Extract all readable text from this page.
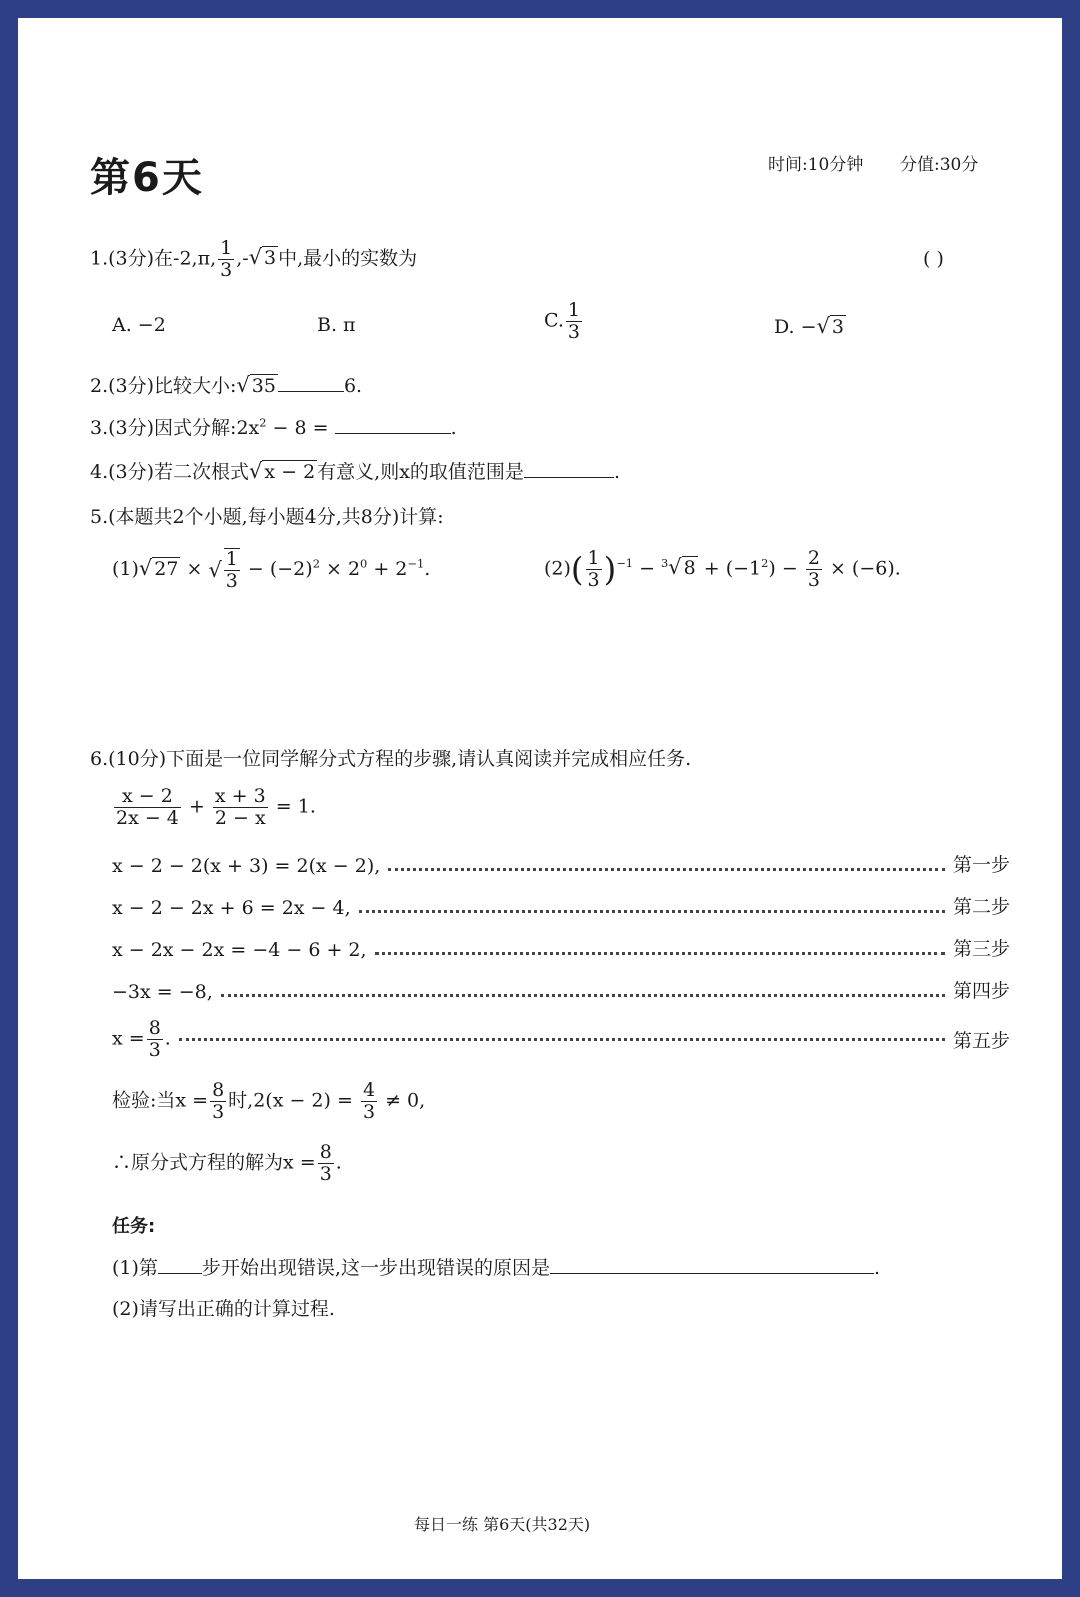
第6天	时间:10分钟 分值:30分
1.(3分)在-2,π, $\frac{1}{3}$ ,-√ 3 中,最小的实数为	( )
A. −2	B. π	C. $\frac{1}{3}$	D. −√ 3
2.(3分)比较大小:√ 35	6.
3.(3分)因式分解$:2x^2 - 8$ =	.
4.(3分)若二次根式√ x − 2 有意义,则x的取值范围是	.
5.(本题共2个小题,每小题4分,共8分)计算:
(1)√ 27 × √ $\frac{1}{3} - (-2)^2 \times 2^0 + 2^{-1}$.	$(2)( \frac{1}{3} )^{-1} - ^3√$ $8 + (-1^2) - \frac{2}{3} \times (-6)$.
6.(10分)下面是一位同学解分式方程的步骤,请认真阅读并完成相应任务.
$\frac{x - 2}{2x - 4} + \frac{x + 3}{2 - x} = 1$.
x − 2 − 2(x + 3) = 2(x − 2),	第一步
x − 2 − 2x + 6 = 2x − 4,	第二步
x − 2x − 2x = −4 − 6 + 2,	第三步
−3x = −8,	第四步
$x = \frac{8}{3}$ .	第五步
检验:当$x = \frac{8}{3}$ 时$,2(x - 2) = \frac{4}{3} \ne 0$,
∴原分式方程的解为$x = \frac{8}{3}$ .
任务:
(1)第 步开始出现错误,这一步出现错误的原因是	.
(2)请写出正确的计算过程.
每日一练 第6天(共32天)
